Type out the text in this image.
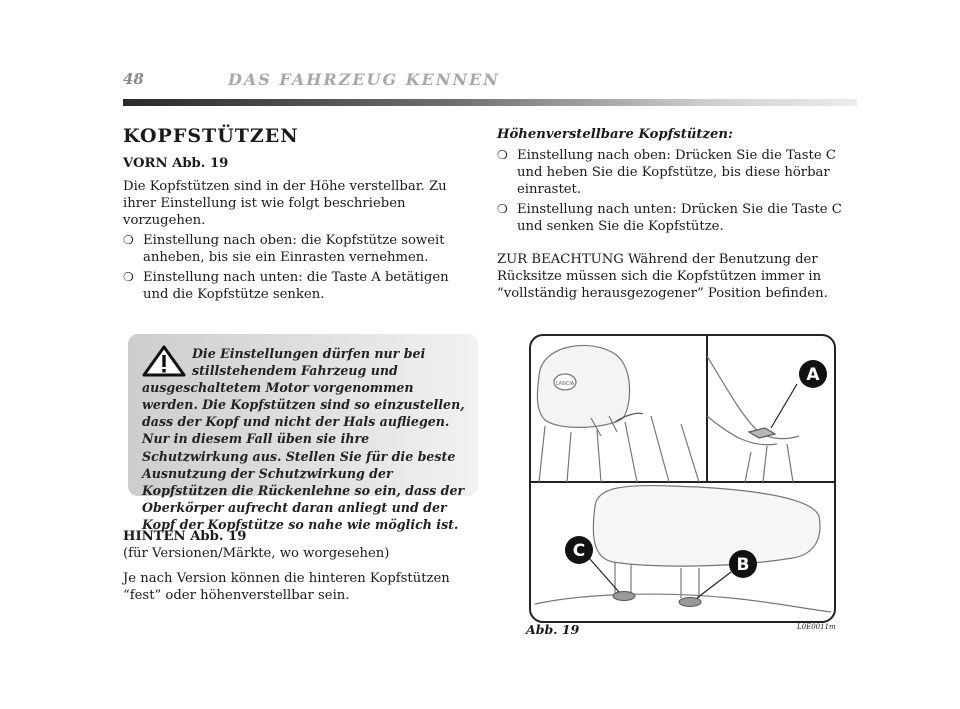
48	DAS FAHRZEUG KENNEN

KOPFSTÜTZEN

VORN Abb. 19

Die Kopfstützen sind in der Höhe verstellbar. Zu ihrer Einstellung ist wie folgt beschrieben vorzugehen.

❍ Einstellung nach oben: die Kopfstütze soweit anheben, bis sie ein Einrasten vernehmen.

❍ Einstellung nach unten: die Taste A betätigen und die Kopfstütze senken.

Die Einstellungen dürfen nur bei stillstehendem Fahrzeug und ausgeschaltetem Motor vorgenommen werden. Die Kopfstützen sind so einzustellen, dass der Kopf und nicht der Hals aufliegen. Nur in diesem Fall üben sie ihre Schutzwirkung aus. Stellen Sie für die beste Ausnutzung der Schutzwirkung der Kopfstützen die Rückenlehne so ein, dass der Oberkörper aufrecht daran anliegt und der Kopf der Kopfstütze so nahe wie möglich ist.

HINTEN Abb. 19

(für Versionen/Märkte, wo worgesehen)

Je nach Version können die hinteren Kopfstützen “fest” oder höhenverstellbar sein.

Höhenverstellbare Kopfstützen:

❍ Einstellung nach oben: Drücken Sie die Taste C und heben Sie die Kopfstütze, bis diese hörbar einrastet.

❍ Einstellung nach unten: Drücken Sie die Taste C und senken Sie die Kopfstütze.

ZUR BEACHTUNG Während der Benutzung der Rücksitze müssen sich die Kopfstützen immer in “vollständig herausgezogener” Position befinden.

LANCIA	A
C
B
Abb. 19	L0E0011m
